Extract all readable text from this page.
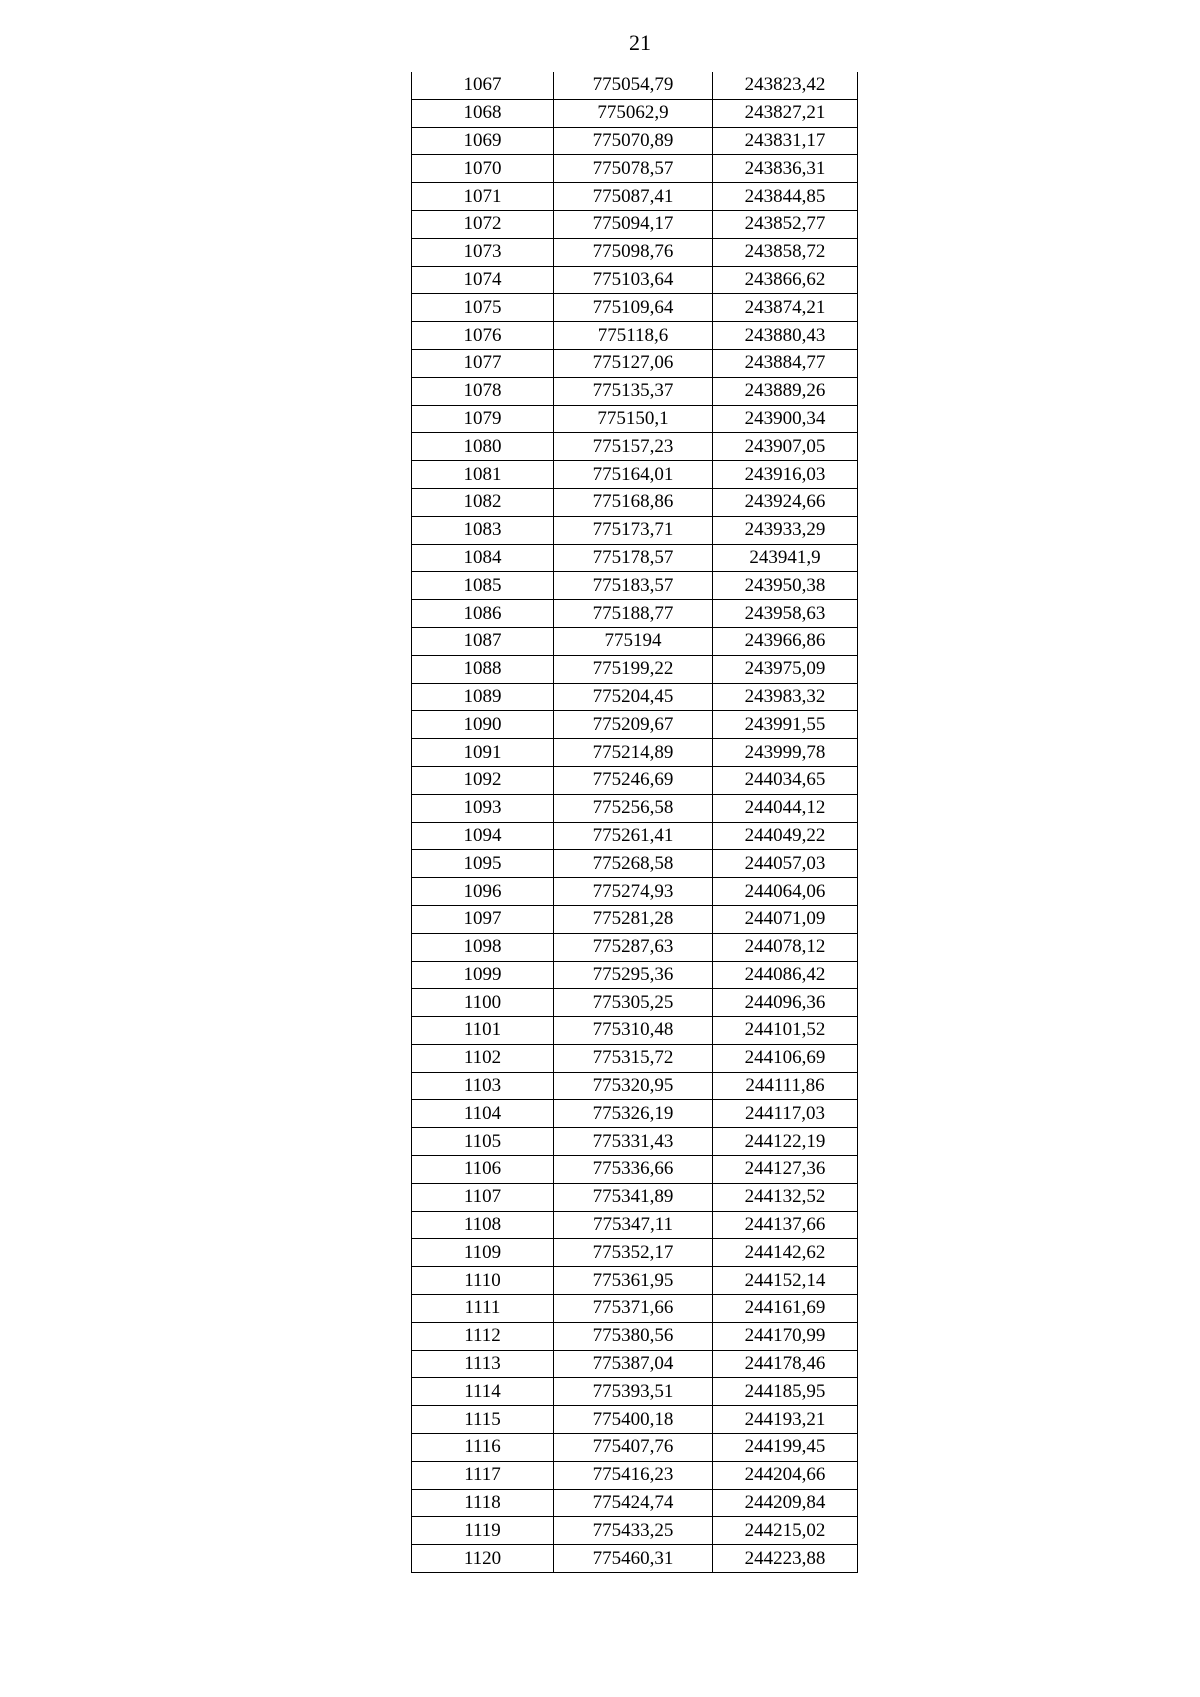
21
1067	775054,79	243823,42
1068	775062,9	243827,21
1069	775070,89	243831,17
1070	775078,57	243836,31
1071	775087,41	243844,85
1072	775094,17	243852,77
1073	775098,76	243858,72
1074	775103,64	243866,62
1075	775109,64	243874,21
1076	775118,6	243880,43
1077	775127,06	243884,77
1078	775135,37	243889,26
1079	775150,1	243900,34
1080	775157,23	243907,05
1081	775164,01	243916,03
1082	775168,86	243924,66
1083	775173,71	243933,29
1084	775178,57	243941,9
1085	775183,57	243950,38
1086	775188,77	243958,63
1087	775194	243966,86
1088	775199,22	243975,09
1089	775204,45	243983,32
1090	775209,67	243991,55
1091	775214,89	243999,78
1092	775246,69	244034,65
1093	775256,58	244044,12
1094	775261,41	244049,22
1095	775268,58	244057,03
1096	775274,93	244064,06
1097	775281,28	244071,09
1098	775287,63	244078,12
1099	775295,36	244086,42
1100	775305,25	244096,36
1101	775310,48	244101,52
1102	775315,72	244106,69
1103	775320,95	244111,86
1104	775326,19	244117,03
1105	775331,43	244122,19
1106	775336,66	244127,36
1107	775341,89	244132,52
1108	775347,11	244137,66
1109	775352,17	244142,62
1110	775361,95	244152,14
1111	775371,66	244161,69
1112	775380,56	244170,99
1113	775387,04	244178,46
1114	775393,51	244185,95
1115	775400,18	244193,21
1116	775407,76	244199,45
1117	775416,23	244204,66
1118	775424,74	244209,84
1119	775433,25	244215,02
1120	775460,31	244223,88
